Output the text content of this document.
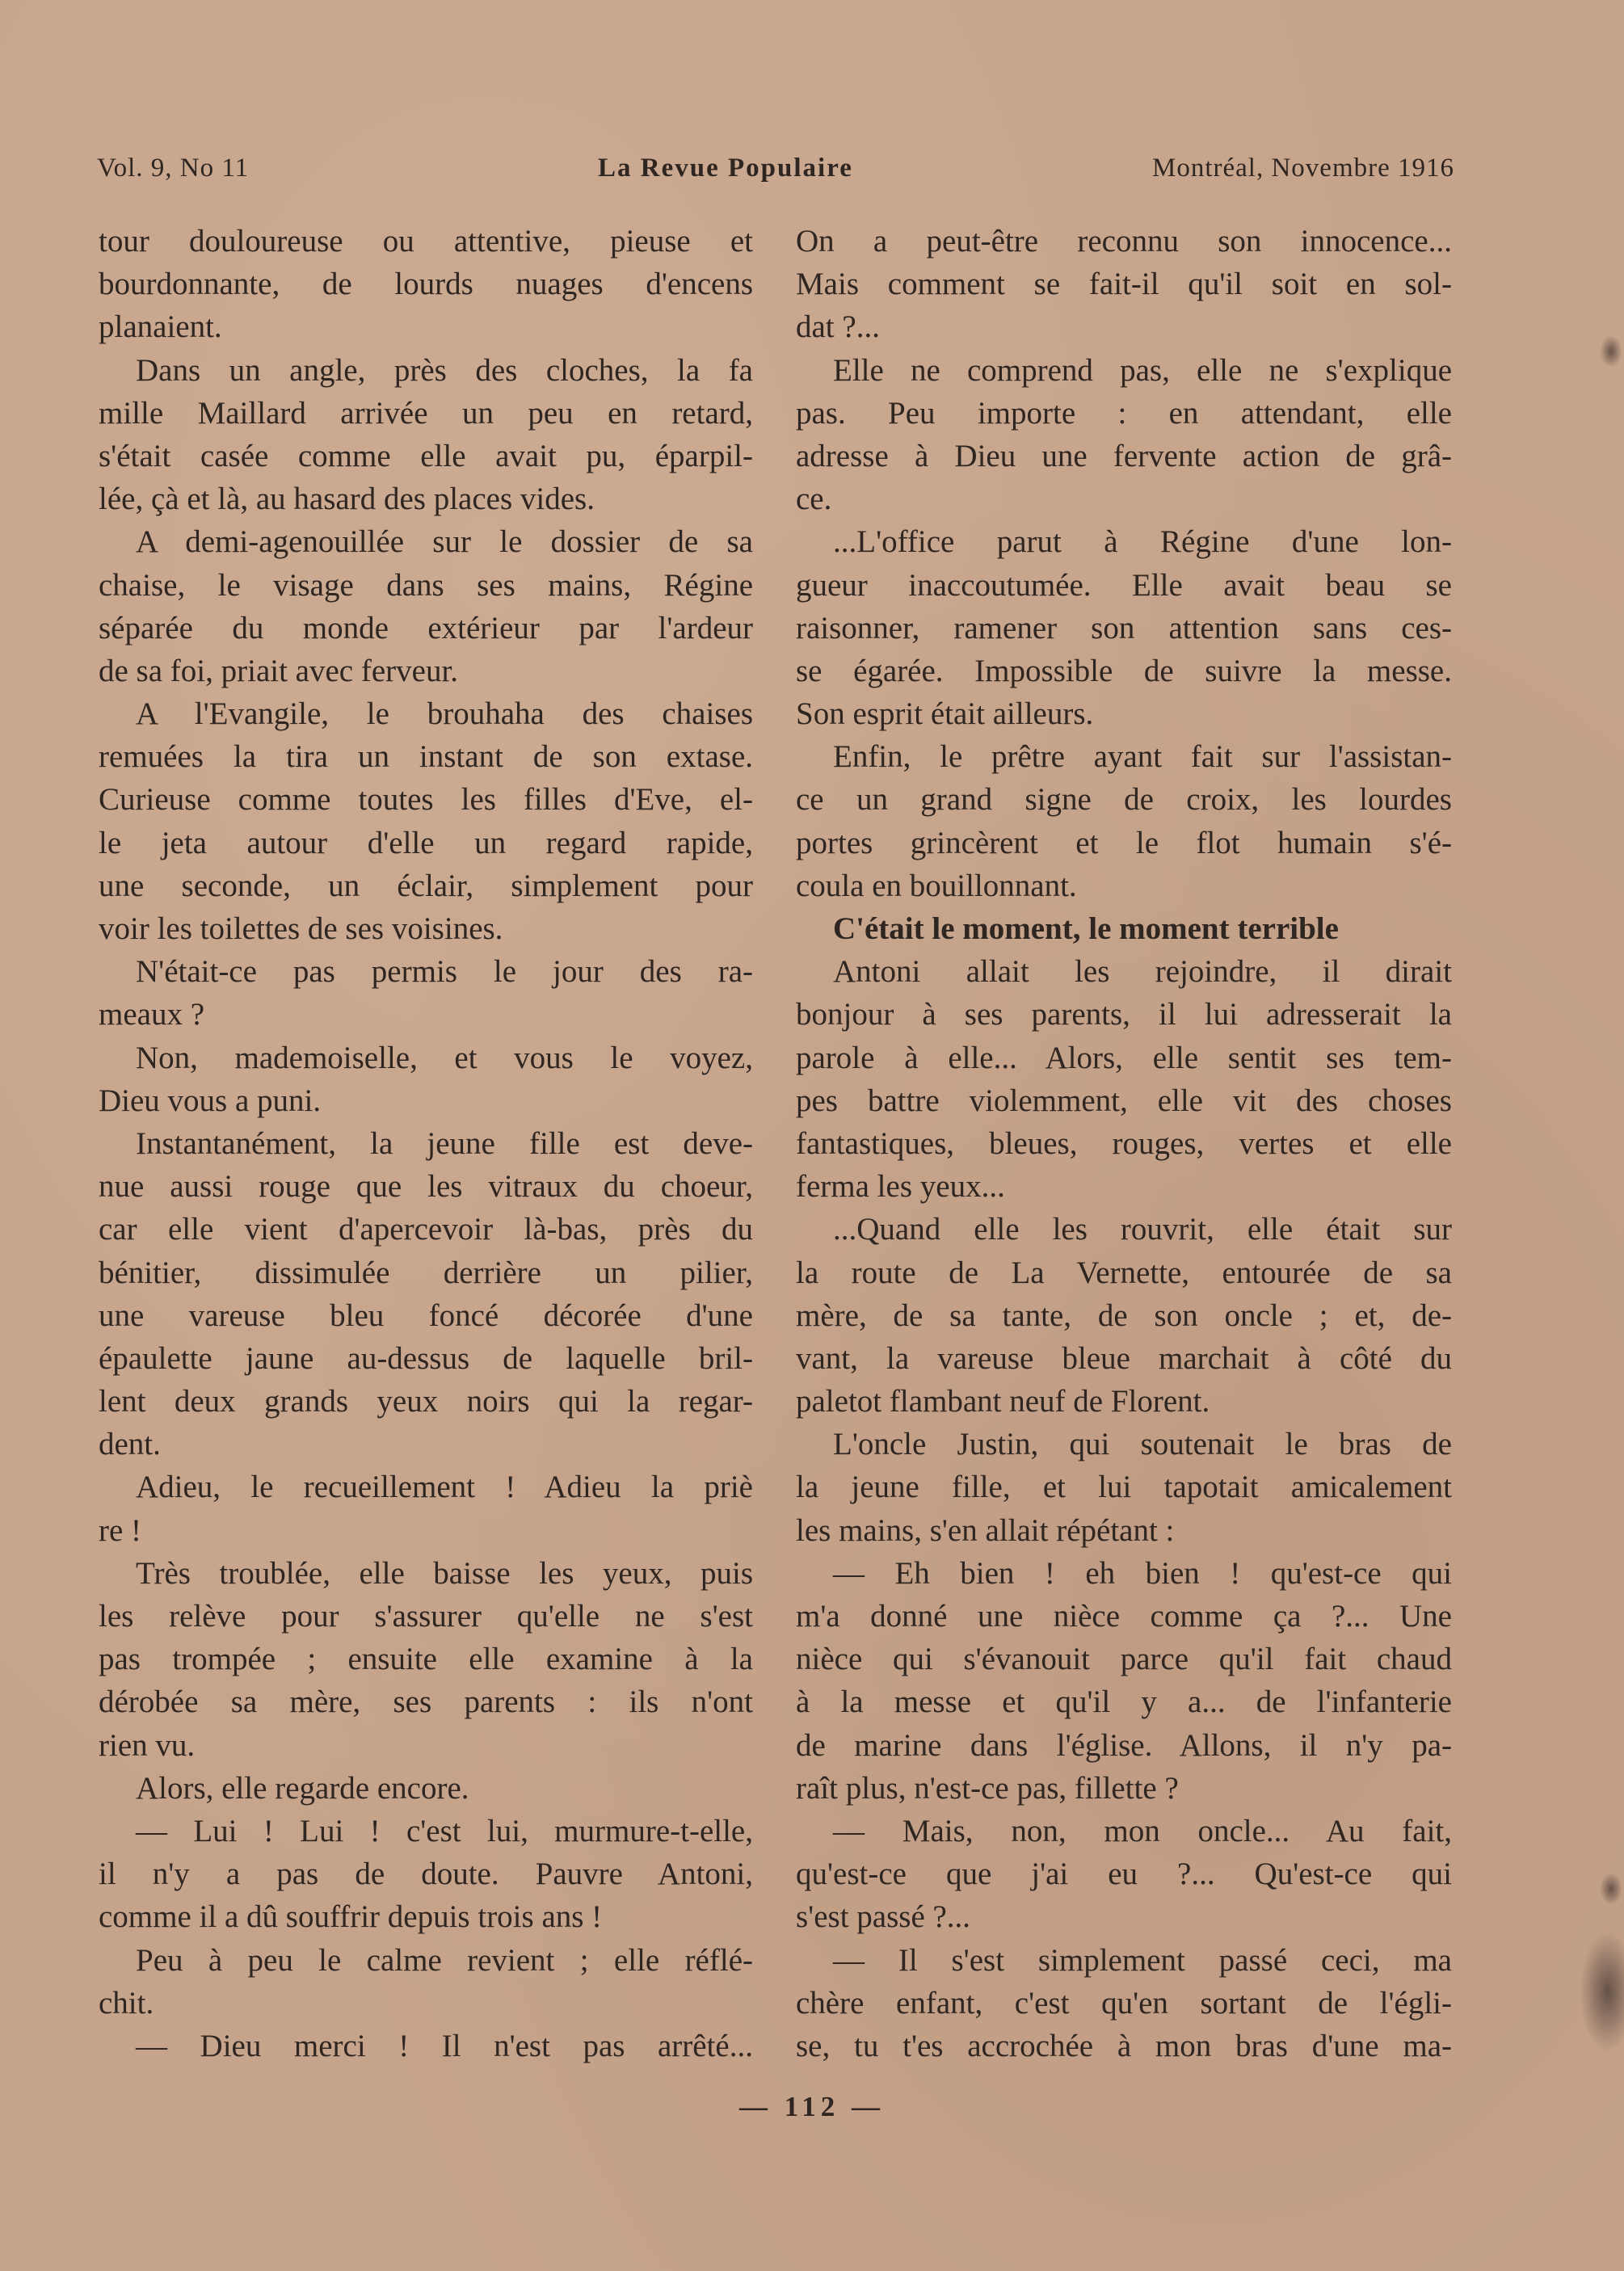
Vol. 9, No 11	La Revue Populaire	Montréal, Novembre 1916
tour douloureuse ou attentive, pieuse et
bourdonnante, de lourds nuages d'encens
planaient.
Dans un angle, près des cloches, la fa
mille Maillard arrivée un peu en retard,
s'était casée comme elle avait pu, éparpil-
lée, çà et là, au hasard des places vides.
A demi-agenouillée sur le dossier de sa
chaise, le visage dans ses mains, Régine
séparée du monde extérieur par l'ardeur
de sa foi, priait avec ferveur.
A l'Evangile, le brouhaha des chaises
remuées la tira un instant de son extase.
Curieuse comme toutes les filles d'Eve, el-
le jeta autour d'elle un regard rapide,
une seconde, un éclair, simplement pour
voir les toilettes de ses voisines.
N'était-ce pas permis le jour des ra-
meaux ?
Non, mademoiselle, et vous le voyez,
Dieu vous a puni.
Instantanément, la jeune fille est deve-
nue aussi rouge que les vitraux du choeur,
car elle vient d'apercevoir là-bas, près du
bénitier, dissimulée derrière un pilier,
une vareuse bleu foncé décorée d'une
épaulette jaune au-dessus de laquelle bril-
lent deux grands yeux noirs qui la regar-
dent.
Adieu, le recueillement ! Adieu la priè
re !
Très troublée, elle baisse les yeux, puis
les relève pour s'assurer qu'elle ne s'est
pas trompée ; ensuite elle examine à la
dérobée sa mère, ses parents : ils n'ont
rien vu.
Alors, elle regarde encore.
— Lui ! Lui ! c'est lui, murmure-t-elle,
il n'y a pas de doute. Pauvre Antoni,
comme il a dû souffrir depuis trois ans !
Peu à peu le calme revient ; elle réflé-
chit.
— Dieu merci ! Il n'est pas arrêté...
On a peut-être reconnu son innocence...
Mais comment se fait-il qu'il soit en sol-
dat ?...
Elle ne comprend pas, elle ne s'explique
pas. Peu importe : en attendant, elle
adresse à Dieu une fervente action de grâ-
ce.
...L'office parut à Régine d'une lon-
gueur inaccoutumée. Elle avait beau se
raisonner, ramener son attention sans ces-
se égarée. Impossible de suivre la messe.
Son esprit était ailleurs.
Enfin, le prêtre ayant fait sur l'assistan-
ce un grand signe de croix, les lourdes
portes grincèrent et le flot humain s'é-
coula en bouillonnant.
C'était le moment, le moment terrible
Antoni allait les rejoindre, il dirait
bonjour à ses parents, il lui adresserait la
parole à elle... Alors, elle sentit ses tem-
pes battre violemment, elle vit des choses
fantastiques, bleues, rouges, vertes et elle
ferma les yeux...
...Quand elle les rouvrit, elle était sur
la route de La Vernette, entourée de sa
mère, de sa tante, de son oncle ; et, de-
vant, la vareuse bleue marchait à côté du
paletot flambant neuf de Florent.
L'oncle Justin, qui soutenait le bras de
la jeune fille, et lui tapotait amicalement
les mains, s'en allait répétant :
— Eh bien ! eh bien ! qu'est-ce qui
m'a donné une nièce comme ça ?... Une
nièce qui s'évanouit parce qu'il fait chaud
à la messe et qu'il y a... de l'infanterie
de marine dans l'église. Allons, il n'y pa-
raît plus, n'est-ce pas, fillette ?
— Mais, non, mon oncle... Au fait,
qu'est-ce que j'ai eu ?... Qu'est-ce qui
s'est passé ?...
— Il s'est simplement passé ceci, ma
chère enfant, c'est qu'en sortant de l'égli-
se, tu t'es accrochée à mon bras d'une ma-
— 112 —
